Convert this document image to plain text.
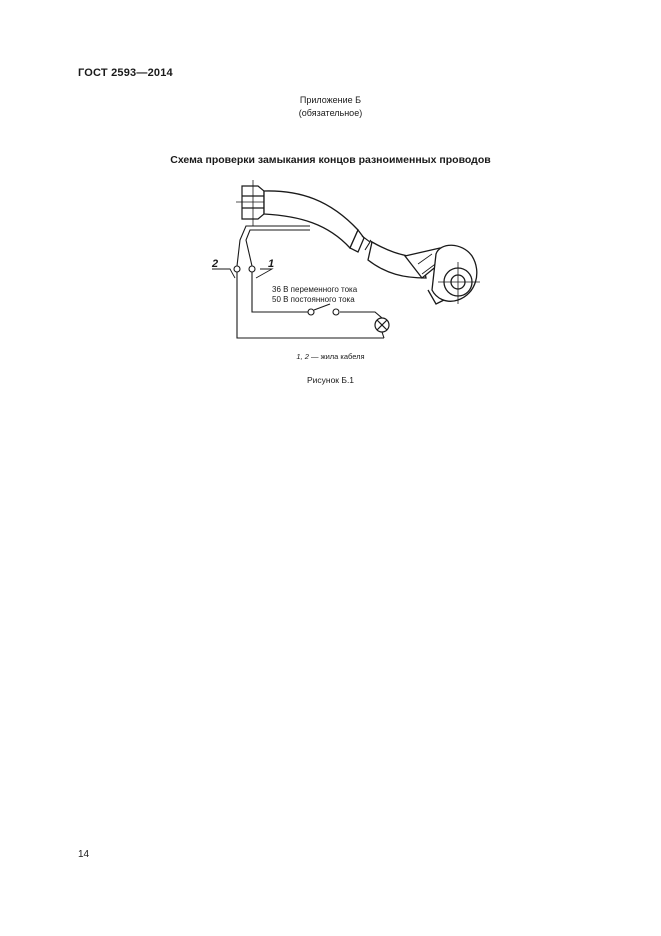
ГОСТ 2593—2014
Приложение Б
(обязательное)
Схема проверки замыкания концов разноименных проводов
2	1
36 В переменного тока
50 В постоянного тока
1, 2 — жила кабеля
Рисунок Б.1
14
